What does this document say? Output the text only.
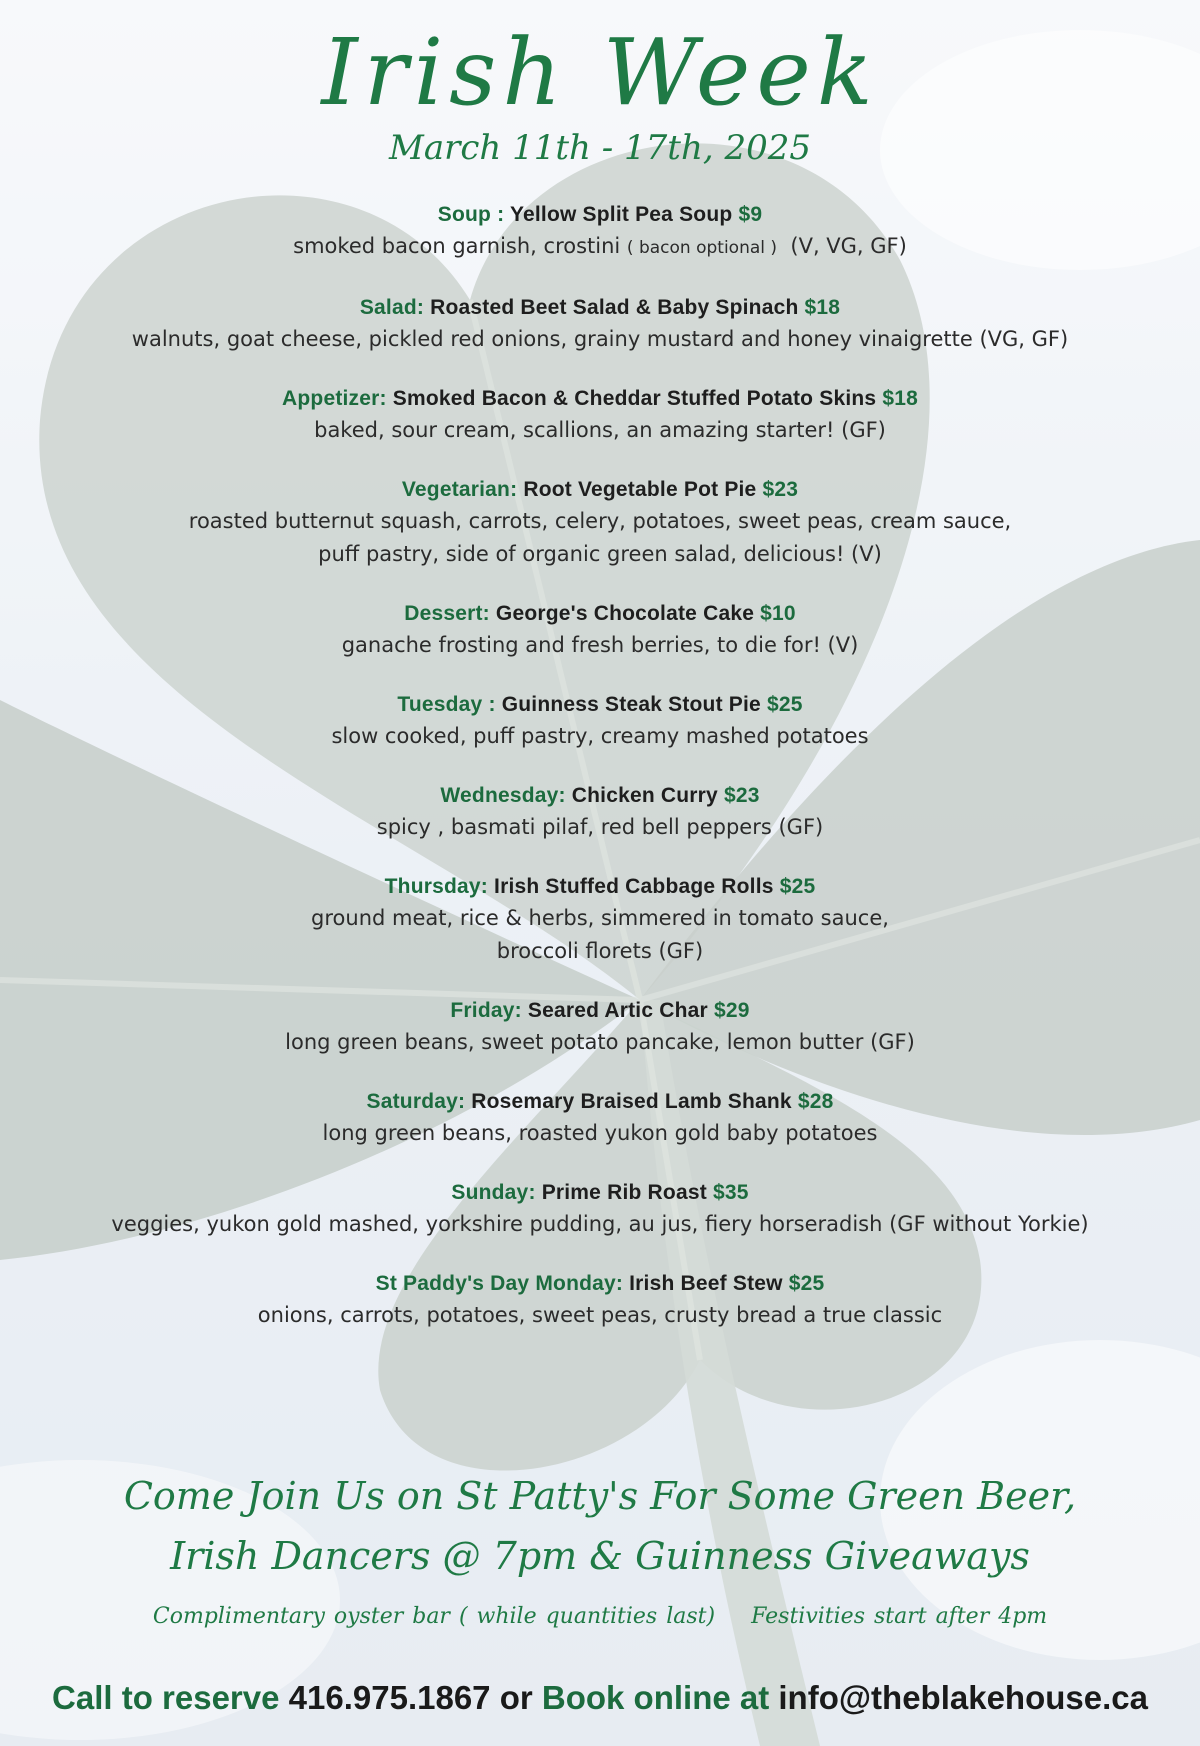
Irish Week
March 11th - 17th, 2025
Soup : Yellow Split Pea Soup $9
smoked bacon garnish, crostini ( bacon optional )  (V, VG, GF)
Salad: Roasted Beet Salad & Baby Spinach $18
walnuts, goat cheese, pickled red onions, grainy mustard and honey vinaigrette (VG, GF)
Appetizer: Smoked Bacon & Cheddar Stuffed Potato Skins $18
baked, sour cream, scallions, an amazing starter! (GF)
Vegetarian: Root Vegetable Pot Pie $23
roasted butternut squash, carrots, celery, potatoes, sweet peas, cream sauce,
puff pastry, side of organic green salad, delicious! (V)
Dessert: George's Chocolate Cake $10
ganache frosting and fresh berries, to die for! (V)
Tuesday : Guinness Steak Stout Pie $25
slow cooked, puff pastry, creamy mashed potatoes
Wednesday: Chicken Curry $23
spicy , basmati pilaf, red bell peppers (GF)
Thursday: Irish Stuffed Cabbage Rolls $25
ground meat, rice & herbs, simmered in tomato sauce,
broccoli florets (GF)
Friday: Seared Artic Char $29
long green beans, sweet potato pancake, lemon butter (GF)
Saturday: Rosemary Braised Lamb Shank $28
long green beans, roasted yukon gold baby potatoes
Sunday: Prime Rib Roast $35
veggies, yukon gold mashed, yorkshire pudding, au jus, fiery horseradish (GF without Yorkie)
St Paddy's Day Monday: Irish Beef Stew $25
onions, carrots, potatoes, sweet peas, crusty bread a true classic
Come Join Us on St Patty's For Some Green Beer,
Irish Dancers @ 7pm & Guinness Giveaways
Complimentary oyster bar ( while quantities last) Festivities start after 4pm
Call to reserve 416.975.1867 or Book online at info@theblakehouse.ca
